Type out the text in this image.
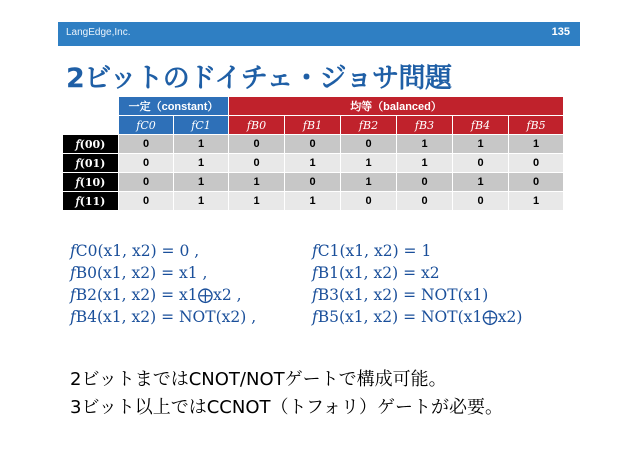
LangEdge,Inc.	135
2ビットのドイチェ・ジョサ問題
	一定（constant）		均等（balanced）					
	𝑓C0	𝑓C1	𝑓B0	𝑓B1	𝑓B2	𝑓B3	𝑓B4	𝑓B5
𝑓(00)	0	1	0	0	0	1	1	1
𝑓(01)	0	1	0	1	1	1	0	0
𝑓(10)	0	1	1	0	1	0	1	0
𝑓(11)	0	1	1	1	0	0	0	1
𝑓C0(x1, x2) = 0 ,
𝑓B0(x1, x2) = x1 ,
𝑓B2(x1, x2) = x1⨁x2 ,
𝑓B4(x1, x2) = NOT(x2) ,
𝑓C1(x1, x2) = 1
𝑓B1(x1, x2) = x2
𝑓B3(x1, x2) = NOT(x1)
𝑓B5(x1, x2) = NOT(x1⨁x2)
2ビットまではCNOT/NOTゲートで構成可能。
3ビット以上ではCCNOT（トフォリ）ゲートが必要。
